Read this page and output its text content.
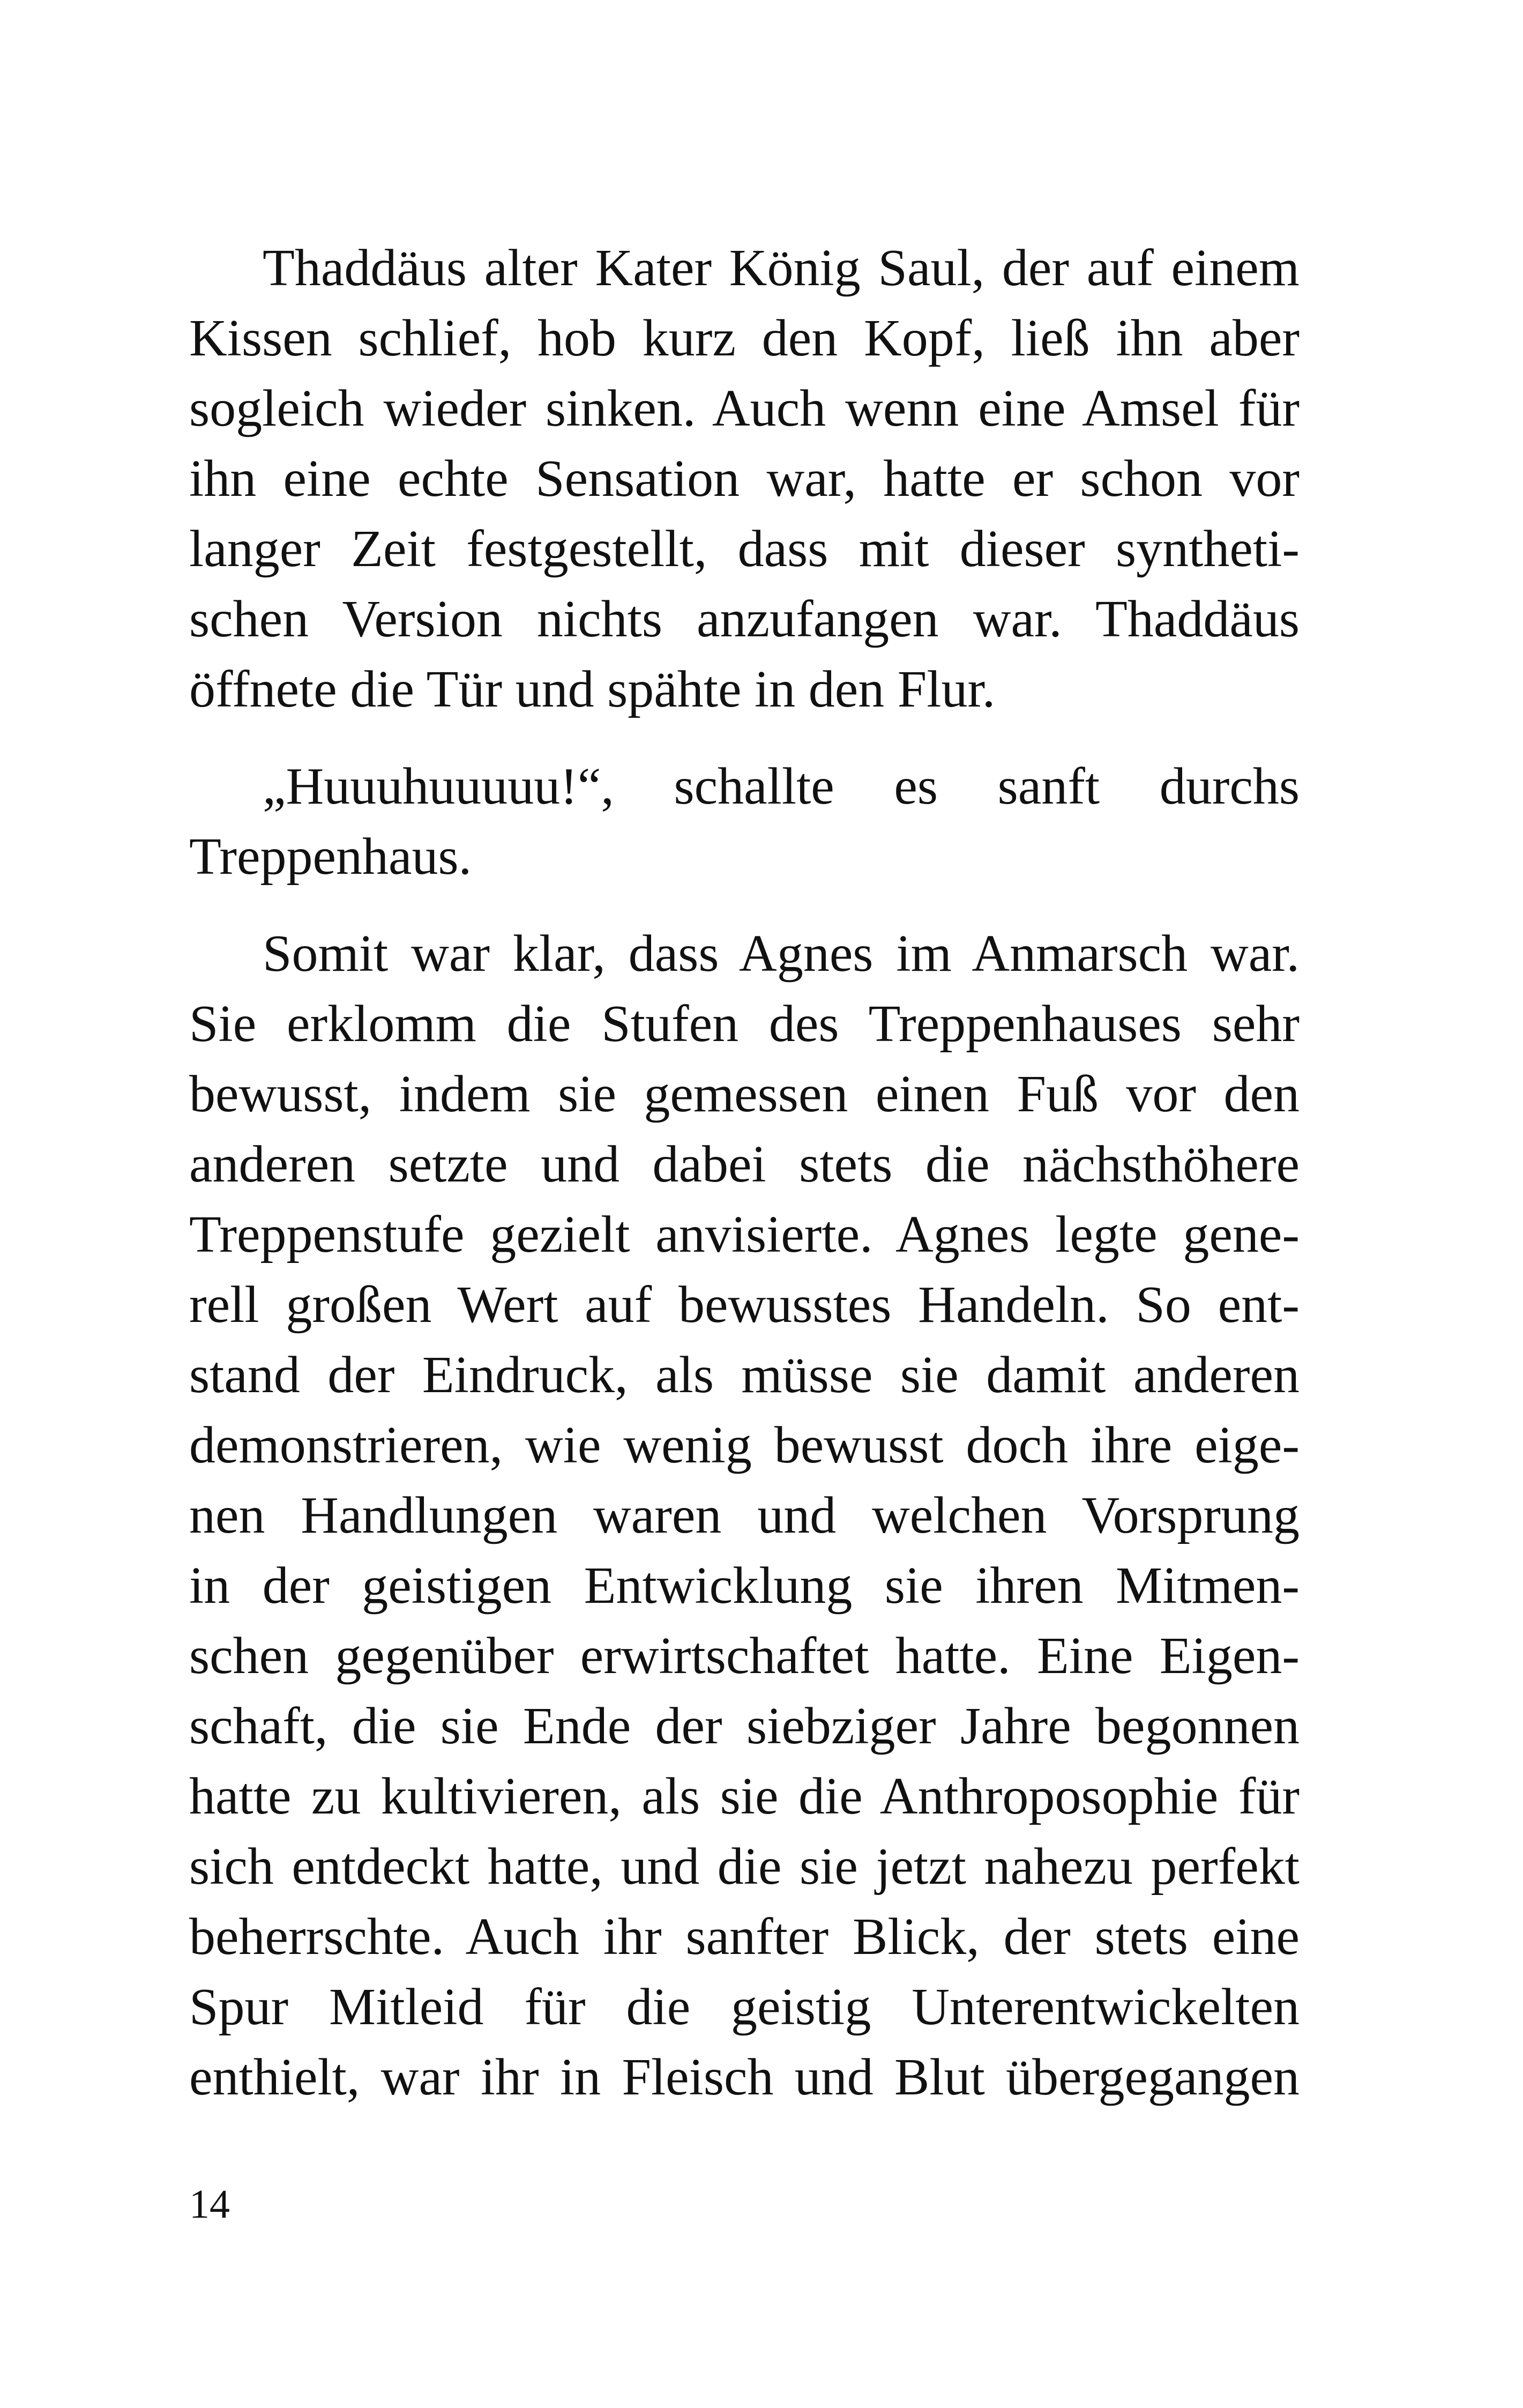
Thaddäus alter Kater König Saul, der auf einem
Kissen schlief, hob kurz den Kopf, ließ ihn aber
sogleich wieder sinken. Auch wenn eine Amsel für
ihn eine echte Sensation war, hatte er schon vor
langer Zeit festgestellt, dass mit dieser syntheti-
schen Version nichts anzufangen war. Thaddäus
öffnete die Tür und spähte in den Flur.
„Huuuhuuuuu!“, schallte es sanft durchs
Treppenhaus.
Somit war klar, dass Agnes im Anmarsch war.
Sie erklomm die Stufen des Treppenhauses sehr
bewusst, indem sie gemessen einen Fuß vor den
anderen setzte und dabei stets die nächsthöhere
Treppenstufe gezielt anvisierte. Agnes legte gene-
rell großen Wert auf bewusstes Handeln. So ent-
stand der Eindruck, als müsse sie damit anderen
demonstrieren, wie wenig bewusst doch ihre eige-
nen Handlungen waren und welchen Vorsprung
in der geistigen Entwicklung sie ihren Mitmen-
schen gegenüber erwirtschaftet hatte. Eine Eigen-
schaft, die sie Ende der siebziger Jahre begonnen
hatte zu kultivieren, als sie die Anthroposophie für
sich entdeckt hatte, und die sie jetzt nahezu perfekt
beherrschte. Auch ihr sanfter Blick, der stets eine
Spur Mitleid für die geistig Unterentwickelten
enthielt, war ihr in Fleisch und Blut übergegangen
14
